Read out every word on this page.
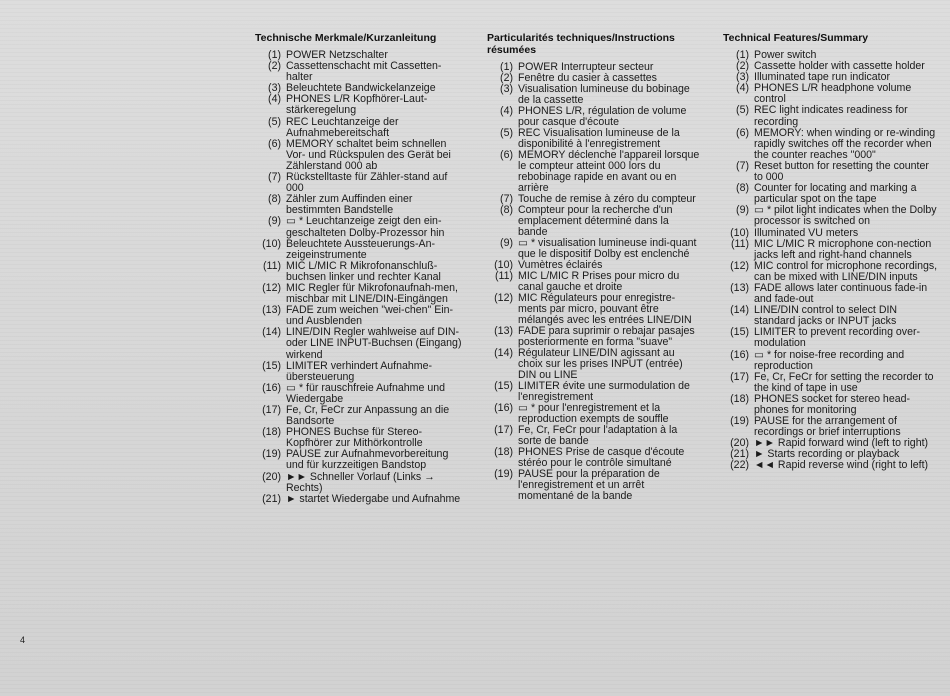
Technische Merkmale/Kurzanleitung
(1) POWER Netzschalter
(2) Cassettenschacht mit Cassetten-halter
(3) Beleuchtete Bandwickelanzeige
(4) PHONES L/R Kopfhörer-Laut-stärkeregelung
(5) REC Leuchtanzeige der Aufnahmebereitschaft
(6) MEMORY schaltet beim schnellen Vor- und Rückspulen des Gerät bei Zählerstand 000 ab
(7) Rückstelltaste für Zähler-stand auf 000
(8) Zähler zum Auffinden einer bestimmten Bandstelle
(9) ▭ * Leuchtanzeige zeigt den ein-geschalteten Dolby-Prozessor hin
(10) Beleuchtete Aussteuerungs-An-zeigeinstrumente
(11) MIC L/MIC R Mikrofonanschluß-buchsen linker und rechter Kanal
(12) MIC Regler für Mikrofonaufnah-men, mischbar mit LINE/DIN-Eingängen
(13) FADE zum weichen "wei-chen" Ein- und Ausblenden
(14) LINE/DIN Regler wahlweise auf DIN- oder LINE INPUT-Buchsen (Eingang) wirkend
(15) LIMITER verhindert Aufnahme-übersteuerung
(16) ▭ * für rauschfreie Aufnahme und Wiedergabe
(17) Fe, Cr, FeCr zur Anpassung an die Bandsorte
(18) PHONES Buchse für Stereo-Kopfhörer zur Mithörkontrolle
(19) PAUSE zur Aufnahmevorbereitung und für kurzzeitigen Bandstop
(20) ►► Schneller Vorlauf (Links → Rechts)
(21) ► startet Wiedergabe und Aufnahme
Particularités techniques/Instructions résumées
(1) POWER Interrupteur secteur
(2) Fenêtre du casier à cassettes
(3) Visualisation lumineuse du bobinage de la cassette
(4) PHONES L/R, régulation de volume pour casque d'écoute
(5) REC Visualisation lumineuse de la disponibilité à l'enregistrement
(6) MEMORY déclenche l'appareil lorsque le compteur atteint 000 lors du rebobinage rapide en avant ou en arrière
(7) Touche de remise à zéro du compteur
(8) Compteur pour la recherche d'un emplacement déterminé dans la bande
(9) ▭ * visualisation lumineuse indi-quant que le dispositif Dolby est enclenché
(10) Vumètres éclairés
(11) MIC L/MIC R Prises pour micro du canal gauche et droite
(12) MIC Régulateurs pour enregistre-ments par micro, pouvant être mélangés avec les entrées LINE/DIN
(13) FADE para suprimir o rebajar pasajes posteriormente en forma "suave"
(14) Régulateur LINE/DIN agissant au choix sur les prises INPUT (entrée) DIN ou LINE
(15) LIMITER évite une surmodulation de l'enregistrement
(16) ▭ * pour l'enregistrement et la reproduction exempts de souffle
(17) Fe, Cr, FeCr pour l'adaptation à la sorte de bande
(18) PHONES Prise de casque d'écoute stéréo pour le contrôle simultané
(19) PAUSE pour la préparation de l'enregistrement et un arrêt momentané de la bande
Technical Features/Summary
(1) Power switch
(2) Cassette holder with cassette holder
(3) Illuminated tape run indicator
(4) PHONES L/R headphone volume control
(5) REC light indicates readiness for recording
(6) MEMORY: when winding or re-winding rapidly switches off the recorder when the counter reaches "000"
(7) Reset button for resetting the counter to 000
(8) Counter for locating and marking a particular spot on the tape
(9) ▭ * pilot light indicates when the Dolby processor is switched on
(10) Illuminated VU meters
(11) MIC L/MIC R microphone con-nection jacks left and right-hand channels
(12) MIC control for microphone recordings, can be mixed with LINE/DIN inputs
(13) FADE allows later continuous fade-in and fade-out
(14) LINE/DIN control to select DIN standard jacks or INPUT jacks
(15) LIMITER to prevent recording over-modulation
(16) ▭ * for noise-free recording and reproduction
(17) Fe, Cr, FeCr for setting the recorder to the kind of tape in use
(18) PHONES socket for stereo head-phones for monitoring
(19) PAUSE for the arrangement of recordings or brief interruptions
(20) ►► Rapid forward wind (left to right)
(21) ► Starts recording or playback
(22) ◄◄ Rapid reverse wind (right to left)
4
